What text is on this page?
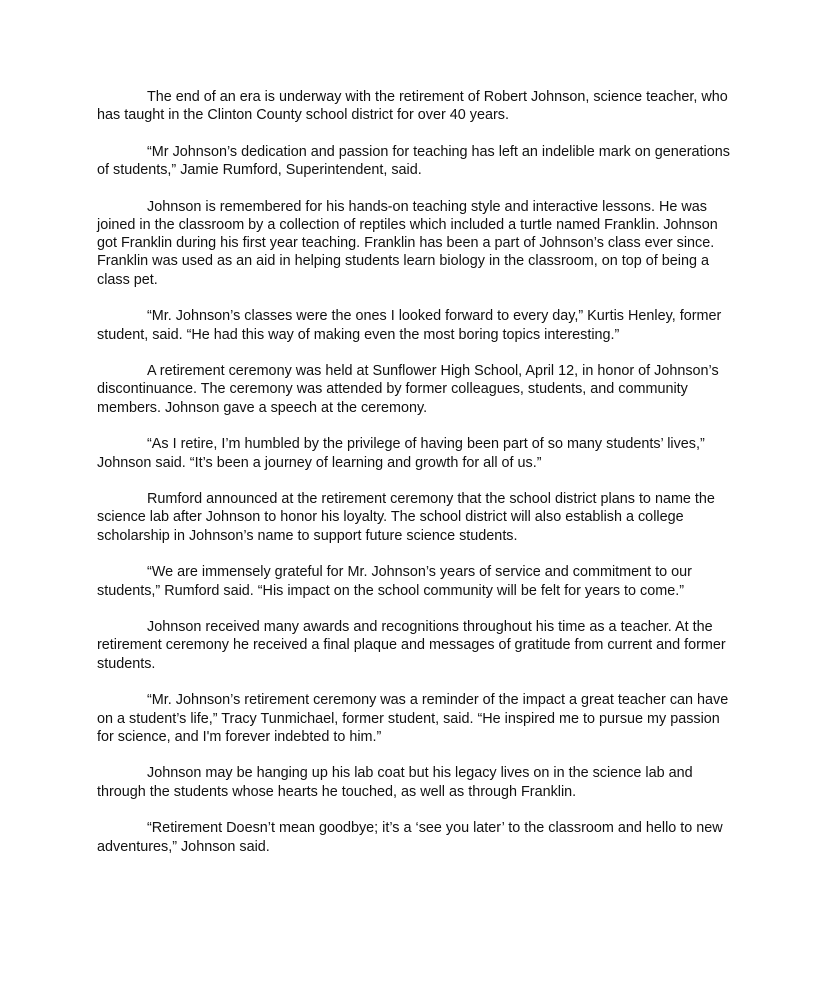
The end of an era is underway with the retirement of Robert Johnson, science teacher, who has taught in the Clinton County school district for over 40 years.

“Mr Johnson’s dedication and passion for teaching has left an indelible mark on generations of students,” Jamie Rumford, Superintendent, said.

Johnson is remembered for his hands-on teaching style and interactive lessons. He was joined in the classroom by a collection of reptiles which included a turtle named Franklin. Johnson got Franklin during his first year teaching. Franklin has been a part of Johnson’s class ever since. Franklin was used as an aid in helping students learn biology in the classroom, on top of being a class pet.

“Mr. Johnson’s classes were the ones I looked forward to every day,” Kurtis Henley, former student, said. “He had this way of making even the most boring topics interesting.”

A retirement ceremony was held at Sunflower High School, April 12, in honor of Johnson’s discontinuance. The ceremony was attended by former colleagues, students, and community members. Johnson gave a speech at the ceremony.

“As I retire, I’m humbled by the privilege of having been part of so many students’ lives,” Johnson said. “It’s been a journey of learning and growth for all of us.”

Rumford announced at the retirement ceremony that the school district plans to name the science lab after Johnson to honor his loyalty. The school district will also establish a college scholarship in Johnson’s name to support future science students.

“We are immensely grateful for Mr. Johnson’s years of service and commitment to our students,” Rumford said. “His impact on the school community will be felt for years to come.”

Johnson received many awards and recognitions throughout his time as a teacher. At the retirement ceremony he received a final plaque and messages of gratitude from current and former students.

“Mr. Johnson’s retirement ceremony was a reminder of the impact a great teacher can have on a student’s life,” Tracy Tunmichael, former student, said. “He inspired me to pursue my passion for science, and I'm forever indebted to him.”

Johnson may be hanging up his lab coat but his legacy lives on in the science lab and through the students whose hearts he touched, as well as through Franklin.

“Retirement Doesn’t mean goodbye; it’s a ‘see you later’ to the classroom and hello to new adventures,” Johnson said.
